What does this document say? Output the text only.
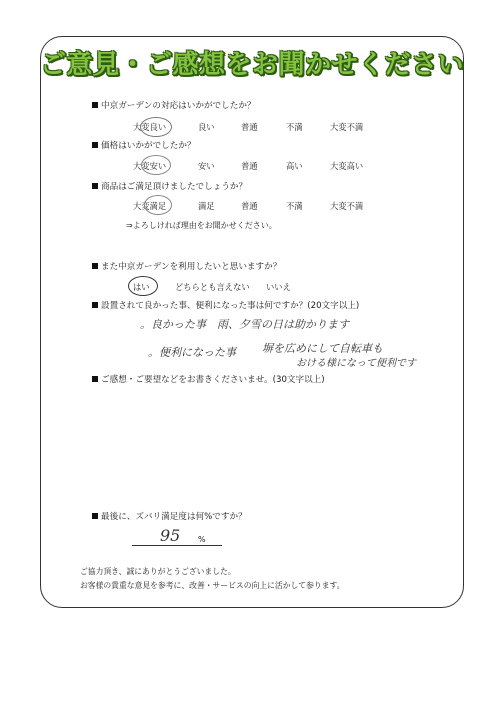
ご意見・ご感想をお聞かせください
中京ガーデンの対応はいかがでしたか？
大変良い	良い	普通	不満	大変不満
価格はいかがでしたか？
大変安い	安い	普通	高い	大変高い
商品はご満足頂けましたでしょうか？
大変満足	満足	普通	不満	大変不満
⇒よろしければ理由をお聞かせください。
また中京ガーデンを利用したいと思いますか？
はい	どちらとも言えない いいえ
設置されて良かった事、便利になった事は何ですか？(20文字以上)
。良かった事　雨、夕雪の日は助かります
。便利になった事 塀を広めにして自転車も
おける様になって便利です
ご感想・ご要望などをお書きくださいませ。(30文字以上)
最後に、ズバリ満足度は何%ですか？
95 %
ご協力頂き、誠にありがとうございました。
お客様の貴重な意見を参考に、改善・サービスの向上に活かして参ります。
